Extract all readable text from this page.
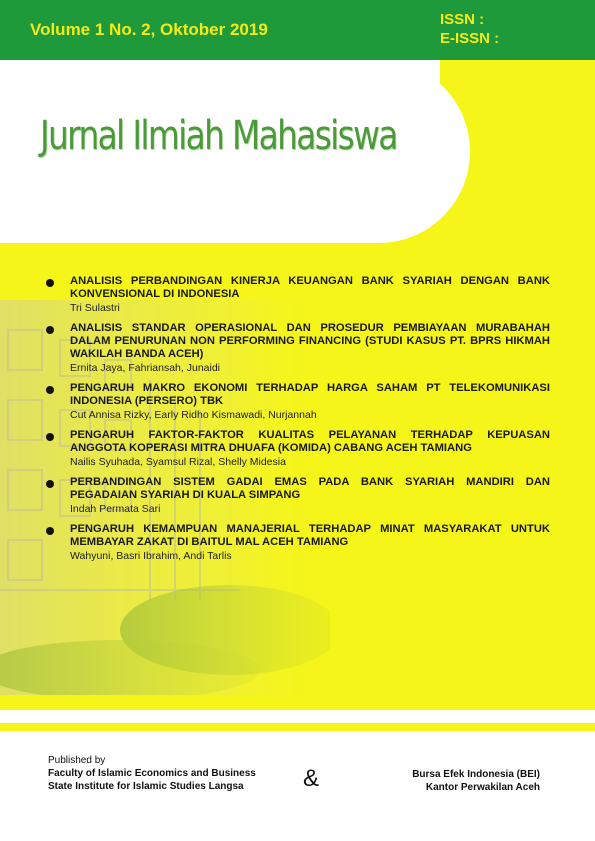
Volume 1 No. 2, Oktober 2019
ISSN :
E-ISSN :
Jurnal Ilmiah Mahasiswa
ANALISIS PERBANDINGAN KINERJA KEUANGAN BANK SYARIAH DENGAN BANK KONVENSIONAL DI INDONESIA
Tri Sulastri
ANALISIS STANDAR OPERASIONAL DAN PROSEDUR PEMBIAYAAN MURABAHAH DALAM PENURUNAN NON PERFORMING FINANCING (STUDI KASUS PT. BPRS HIKMAH WAKILAH BANDA ACEH)
Ernita Jaya, Fahriansah, Junaidi
PENGARUH MAKRO EKONOMI TERHADAP HARGA SAHAM PT TELEKOMUNIKASI INDONESIA (PERSERO) TBK
Cut Annisa Rizky, Early Ridho Kismawadi, Nurjannah
PENGARUH FAKTOR-FAKTOR KUALITAS PELAYANAN TERHADAP KEPUASAN ANGGOTA KOPERASI MITRA DHUAFA (KOMIDA) CABANG ACEH TAMIANG
Nailis Syuhada, Syamsul Rizal, Shelly Midesia
PERBANDINGAN SISTEM GADAI EMAS PADA BANK SYARIAH MANDIRI DAN PEGADAIAN SYARIAH DI KUALA SIMPANG
Indah Permata Sari
PENGARUH KEMAMPUAN MANAJERIAL TERHADAP MINAT MASYARAKAT UNTUK MEMBAYAR ZAKAT DI BAITUL MAL ACEH TAMIANG
Wahyuni, Basri Ibrahim, Andi Tarlis
Published by
Faculty of Islamic Economics and Business
State Institute for Islamic Studies Langsa &	Bursa Efek Indonesia (BEI)
Kantor Perwakilan Aceh
